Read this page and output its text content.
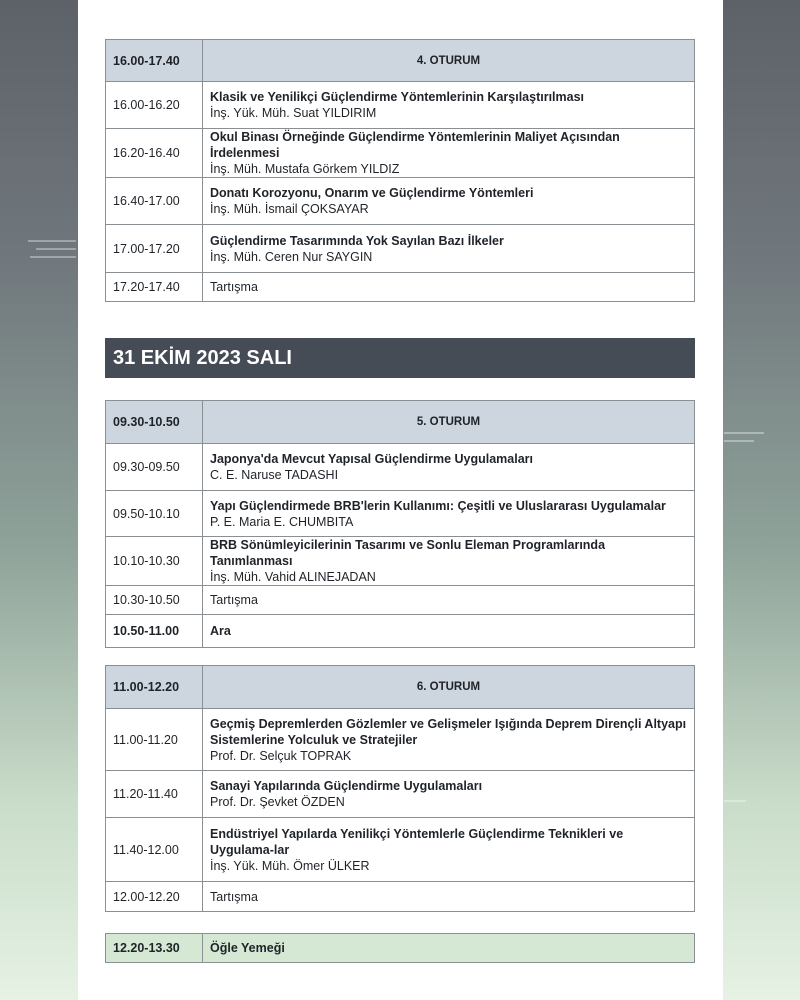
16.00-17.40	4. OTURUM
16.00-16.20	Klasik ve Yenilikçi Güçlendirme Yöntemlerinin Karşılaştırılması
İnş. Yük. Müh. Suat YILDIRIM

16.20-16.40	Okul Binası Örneğinde Güçlendirme Yöntemlerinin Maliyet Açısından İrdelenmesi
İnş. Müh. Mustafa Görkem YILDIZ

16.40-17.00	Donatı Korozyonu, Onarım ve Güçlendirme Yöntemleri
İnş. Müh. İsmail ÇOKSAYAR

17.00-17.20	Güçlendirme Tasarımında Yok Sayılan Bazı İlkeler
İnş. Müh. Ceren Nur SAYGIN

17.20-17.40	Tartışma
31 EKİM 2023 SALI
09.30-10.50	5. OTURUM
09.30-09.50	Japonya'da Mevcut Yapısal Güçlendirme Uygulamaları
C. E. Naruse TADASHI

09.50-10.10	Yapı Güçlendirmede BRB'lerin Kullanımı: Çeşitli ve Uluslararası Uygulamalar
P. E. Maria E. CHUMBITA

10.10-10.30	BRB Sönümleyicilerinin Tasarımı ve Sonlu Eleman Programlarında Tanımlanması
İnş. Müh. Vahid ALINEJADAN

10.30-10.50	Tartışma
10.50-11.00	Ara
11.00-12.20	6. OTURUM
11.00-11.20	Geçmiş Depremlerden Gözlemler ve Gelişmeler Işığında Deprem Dirençli Altyapı Sistemlerine Yolculuk ve Stratejiler
Prof. Dr. Selçuk TOPRAK

11.20-11.40	Sanayi Yapılarında Güçlendirme Uygulamaları
Prof. Dr. Şevket ÖZDEN

11.40-12.00	Endüstriyel Yapılarda Yenilikçi Yöntemlerle Güçlendirme Teknikleri ve Uygulama-lar
İnş. Yük. Müh. Ömer ÜLKER

12.00-12.20	Tartışma
12.20-13.30	Öğle Yemeği
